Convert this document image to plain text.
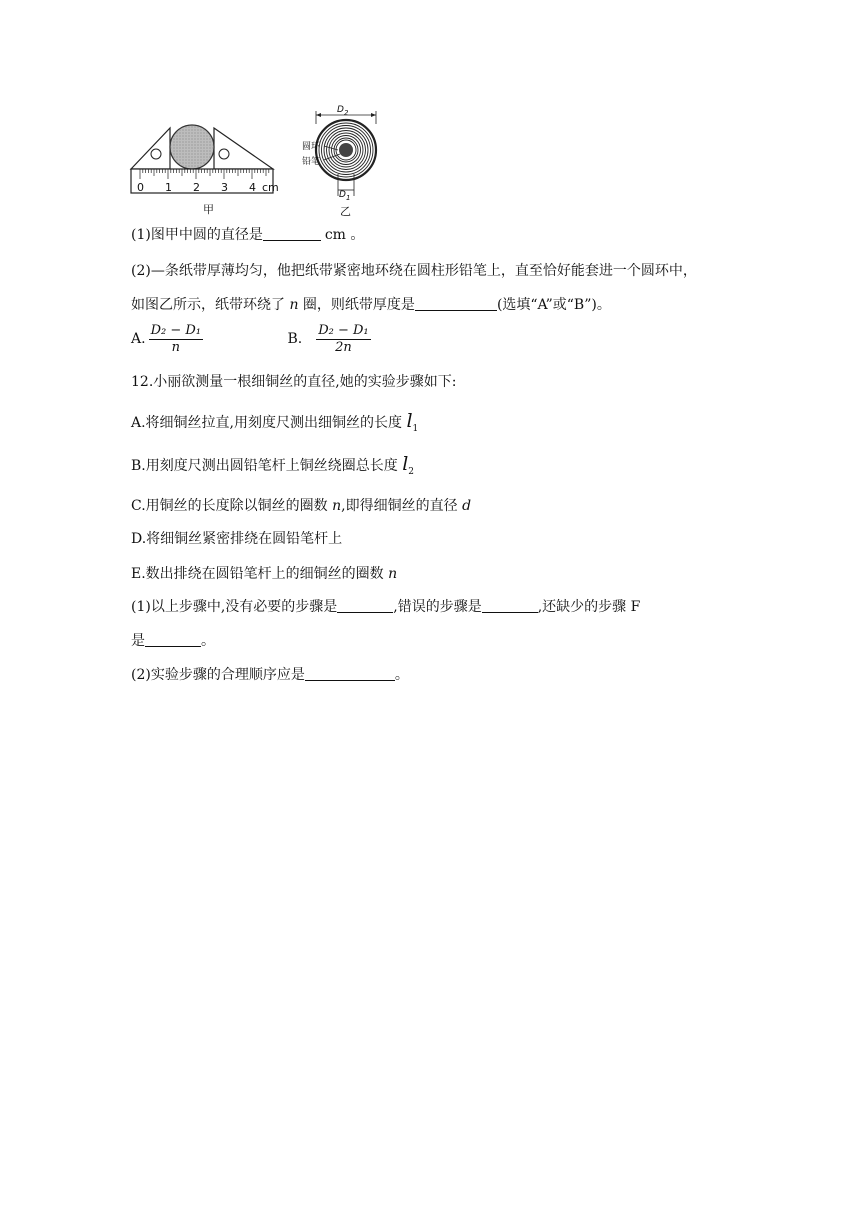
0 1 2 3 4 cm
甲
$D_2$
圆环
铅笔
$D_1$
乙
(1)图甲中圆的直径是	cm 。
(2)—条纸带厚薄均匀，他把纸带紧密地环绕在圆柱形铅笔上，直至恰好能套进一个圆环中，
如图乙所示，纸带环绕了 n 圈，则纸带厚度是	(选填“A”或“B”)。
A. $\frac{\text{D₂ − D₁}}{n}$	B. $\frac{\text{D₂ − D₁}}{2n}$
12.小丽欲测量一根细铜丝的直径,她的实验步骤如下:
A.将细铜丝拉直,用刻度尺测出细铜丝的长度 $l_1$
B.用刻度尺测出圆铅笔杆上铜丝绕圈总长度 $l_2$
C.用铜丝的长度除以铜丝的圈数 n,即得细铜丝的直径 d
D.将细铜丝紧密排绕在圆铅笔杆上
E.数出排绕在圆铅笔杆上的细铜丝的圈数 n
(1)以上步骤中,没有必要的步骤是	,错误的步骤是	,还缺少的步骤 F
是	。
(2)实验步骤的合理顺序应是	。
